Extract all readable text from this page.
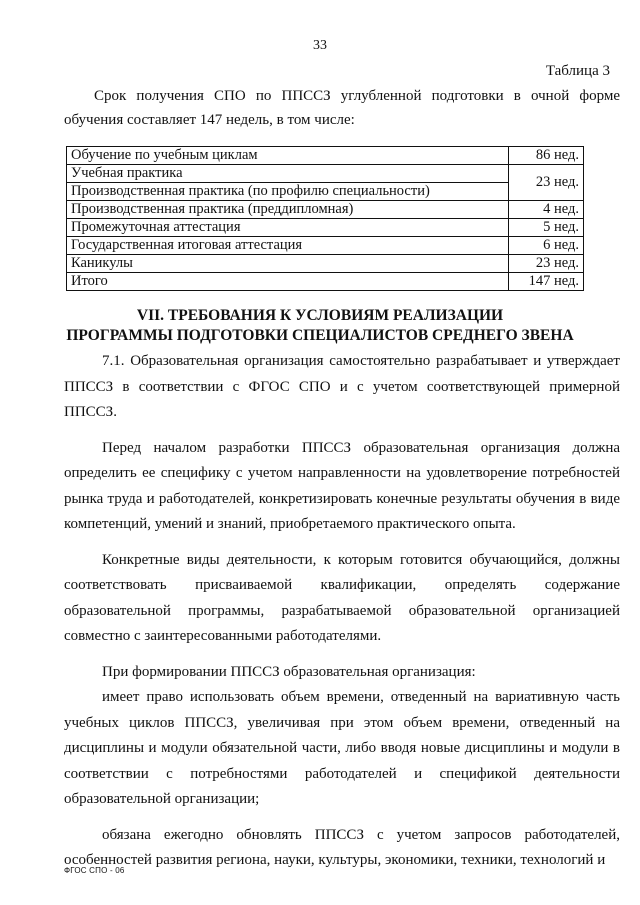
33
Таблица 3

Срок получения СПО по ППССЗ углубленной подготовки в очной форме обучения составляет 147 недель, в том числе:

Обучение по учебным циклам	86 нед.
Учебная практика	23 нед.
Производственная практика (по профилю специальности)	
Производственная практика (преддипломная)	4 нед.
Промежуточная аттестация	5 нед.
Государственная итоговая аттестация	6 нед.
Каникулы	23 нед.
Итого	147 нед.
VII. ТРЕБОВАНИЯ К УСЛОВИЯМ РЕАЛИЗАЦИИ
ПРОГРАММЫ ПОДГОТОВКИ СПЕЦИАЛИСТОВ СРЕДНЕГО ЗВЕНА

7.1. Образовательная организация самостоятельно разрабатывает и утверждает ППССЗ в соответствии с ФГОС СПО и с учетом соответствующей примерной ППССЗ.

Перед началом разработки ППССЗ образовательная организация должна определить ее специфику с учетом направленности на удовлетворение потребностей рынка труда и работодателей, конкретизировать конечные результаты обучения в виде компетенций, умений и знаний, приобретаемого практического опыта.

Конкретные виды деятельности, к которым готовится обучающийся, должны соответствовать присваиваемой квалификации, определять содержание образовательной программы, разрабатываемой образовательной организацией совместно с заинтересованными работодателями.

При формировании ППССЗ образовательная организация:

имеет право использовать объем времени, отведенный на вариативную часть учебных циклов ППССЗ, увеличивая при этом объем времени, отведенный на дисциплины и модули обязательной части, либо вводя новые дисциплины и модули в соответствии с потребностями работодателей и спецификой деятельности образовательной организации;

обязана ежегодно обновлять ППССЗ с учетом запросов работодателей, особенностей развития региона, науки, культуры, экономики, техники, технологий и

ФГОС СПО - 06
